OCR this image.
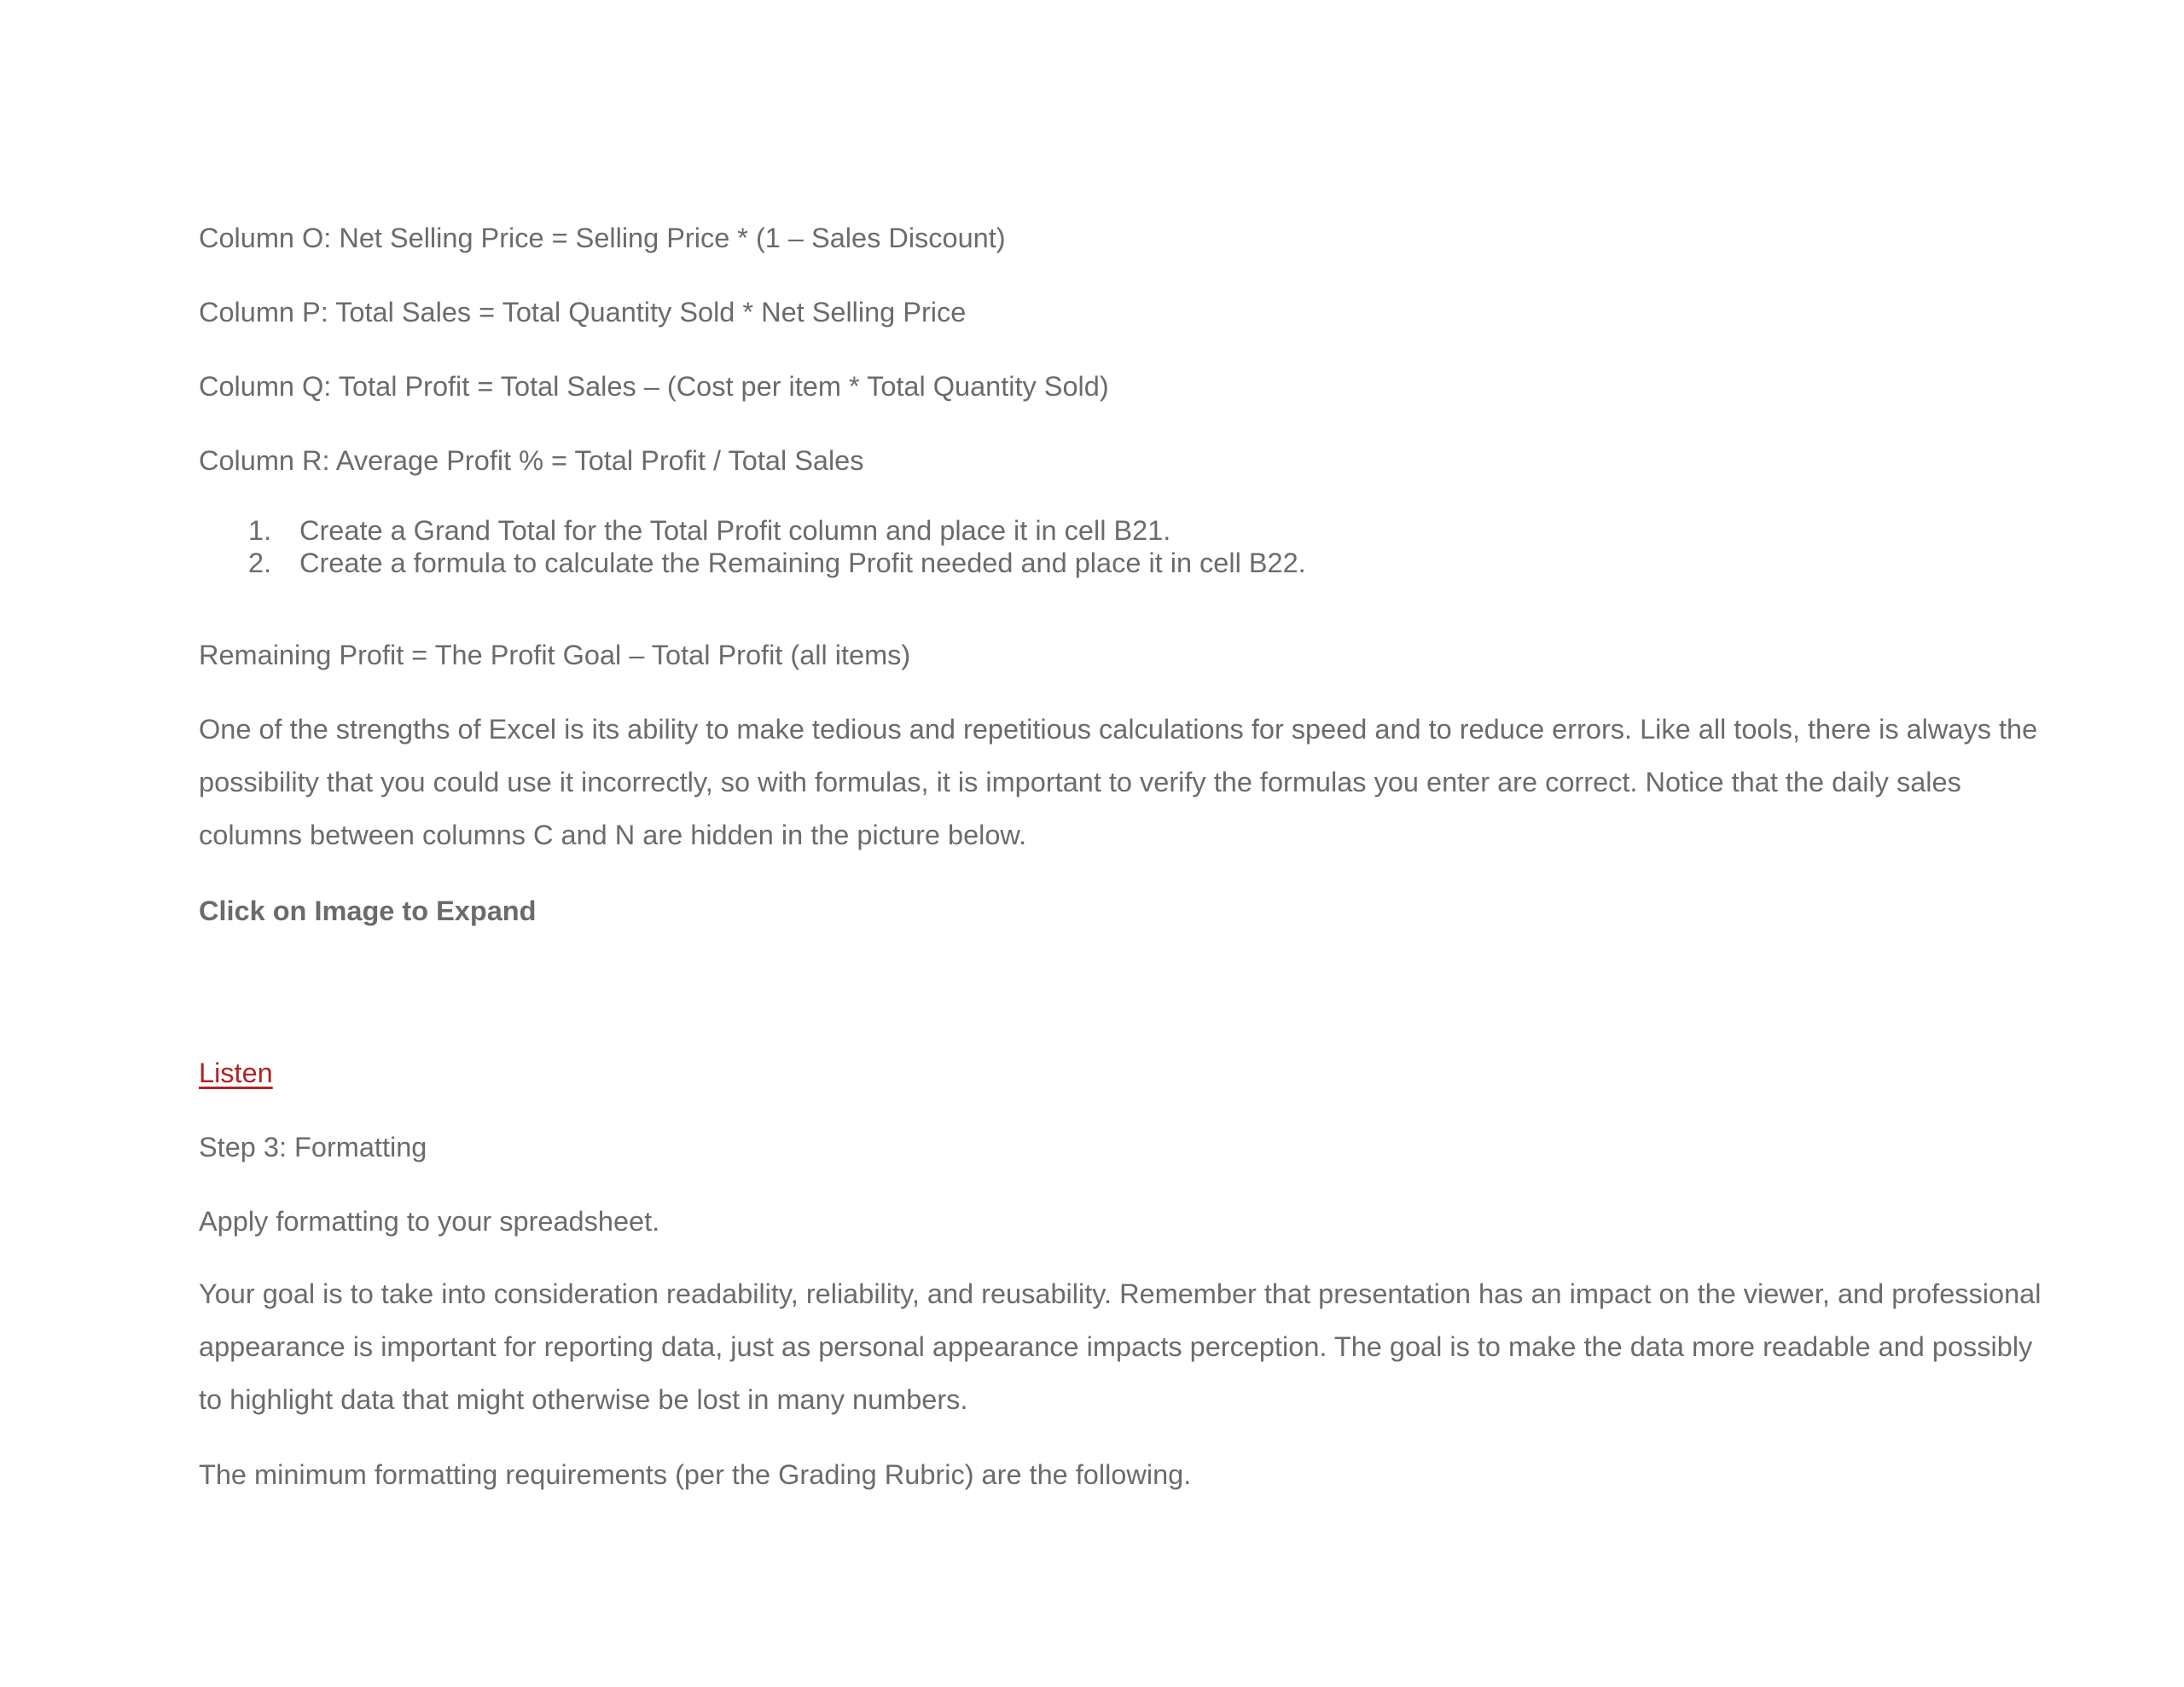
Column O: Net Selling Price = Selling Price * (1 – Sales Discount)

Column P: Total Sales = Total Quantity Sold * Net Selling Price

Column Q: Total Profit = Total Sales – (Cost per item * Total Quantity Sold)

Column R: Average Profit % = Total Profit / Total Sales

1. Create a Grand Total for the Total Profit column and place it in cell B21.
2. Create a formula to calculate the Remaining Profit needed and place it in cell B22.

Remaining Profit = The Profit Goal – Total Profit (all items)

One of the strengths of Excel is its ability to make tedious and repetitious calculations for speed and to reduce errors. Like all tools, there is always the possibility that you could use it incorrectly, so with formulas, it is important to verify the formulas you enter are correct. Notice that the daily sales columns between columns C and N are hidden in the picture below.

Click on Image to Expand

Listen

Step 3: Formatting

Apply formatting to your spreadsheet.

Your goal is to take into consideration readability, reliability, and reusability. Remember that presentation has an impact on the viewer, and professional appearance is important for reporting data, just as personal appearance impacts perception. The goal is to make the data more readable and possibly to highlight data that might otherwise be lost in many numbers.

The minimum formatting requirements (per the Grading Rubric) are the following.
